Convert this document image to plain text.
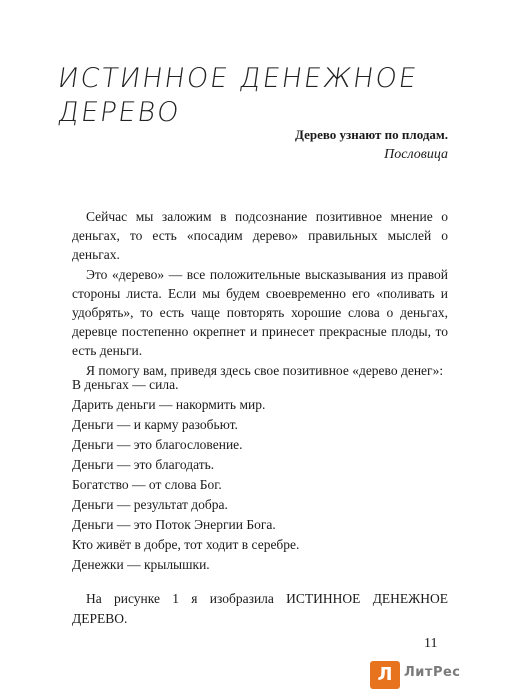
ИСТИННОЕ ДЕНЕЖНОЕ
ДЕРЕВО
Дерево узнают по плодам.
Пословица

Сейчас мы заложим в подсознание позитивное мнение о деньгах, то есть «посадим дерево» правильных мыслей о деньгах.

Это «дерево» — все положительные высказывания из правой стороны листа. Если мы будем своевременно его «поливать и удобрять», то есть чаще повторять хорошие слова о деньгах, деревце постепенно окрепнет и принесет прекрасные плоды, то есть деньги.

Я помогу вам, приведя здесь свое позитивное «дерево денег»:

В деньгах — сила.
Дарить деньги — накормить мир.
Деньги — и карму разобьют.
Деньги — это благословение.
Деньги — это благодать.
Богатство — от слова Бог.
Деньги — результат добра.
Деньги — это Поток Энергии Бога.
Кто живёт в добре, тот ходит в серебре.
Денежки — крылышки.

На рисунке 1 я изобразила ИСТИННОЕ ДЕНЕЖНОЕ ДЕРЕВО.

11
Л ЛитРес
